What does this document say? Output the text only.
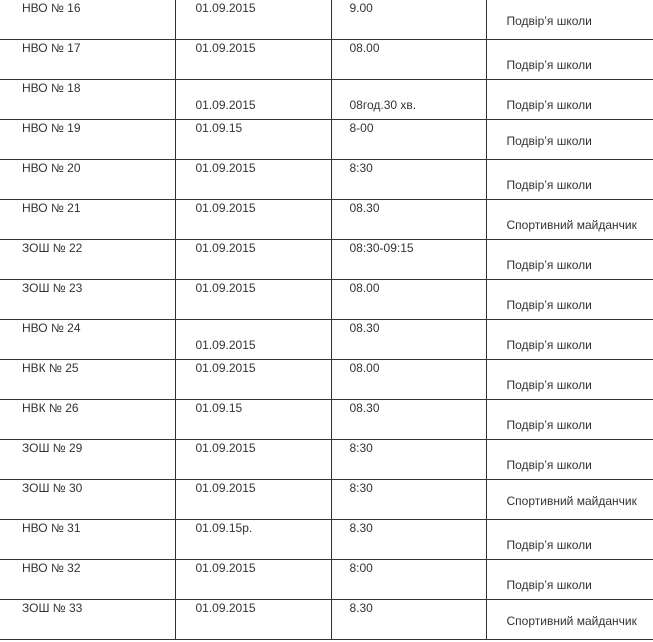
НВО № 16	01.09.2015	9.00	Подвір’я школи

НВО № 17	01.09.2015	08.00	Подвір’я школи

НВО № 18	01.09.2015	08год.30 хв.	Подвір’я школи

НВО № 19	01.09.15	8-00	Подвір’я школи

НВО № 20	01.09.2015	8:30	Подвір’я школи

НВО № 21	01.09.2015	08.30	Спортивний майданчик

ЗОШ № 22	01.09.2015	08:30-09:15	Подвір’я школи

ЗОШ № 23	01.09.2015	08.00	Подвір’я школи

НВО № 24	01.09.2015	08.30	Подвір’я школи

НВК № 25	01.09.2015	08.00	Подвір’я школи

НВК № 26	01.09.15	08.30	Подвір’я школи

ЗОШ № 29	01.09.2015	8:30	Подвір’я школи

ЗОШ № 30	01.09.2015	8:30	Спортивний майданчик

НВО № 31	01.09.15р.	8.30	Подвір’я школи

НВО № 32	01.09.2015	8:00	Подвір’я школи

ЗОШ № 33	01.09.2015	8.30	Спортивний майданчик
